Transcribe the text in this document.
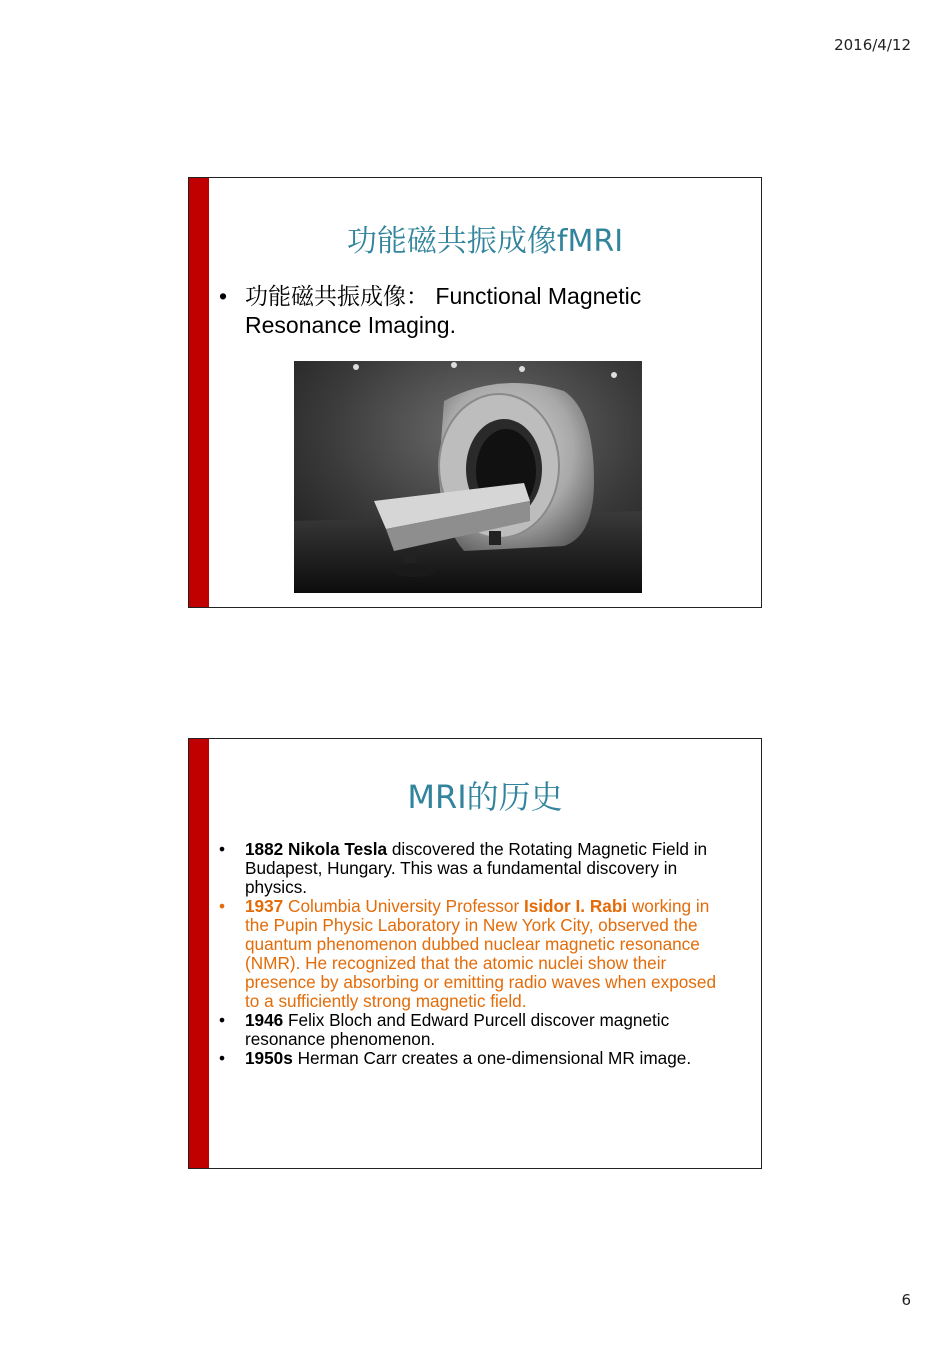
2016/4/12
功能磁共振成像fMRI
• 功能磁共振成像： Functional Magnetic
Resonance Imaging.
MRI的历史
•	1882 Nikola Tesla discovered the Rotating Magnetic Field in Budapest, Hungary. This was a fundamental discovery in physics.
•	1937 Columbia University Professor Isidor I. Rabi working in the Pupin Physic Laboratory in New York City, observed the quantum phenomenon dubbed nuclear magnetic resonance (NMR). He recognized that the atomic nuclei show their presence by absorbing or emitting radio waves when exposed to a sufficiently strong magnetic field.
•	1946 Felix Bloch and Edward Purcell discover magnetic resonance phenomenon.
•	1950s Herman Carr creates a one-dimensional MR image.
6
